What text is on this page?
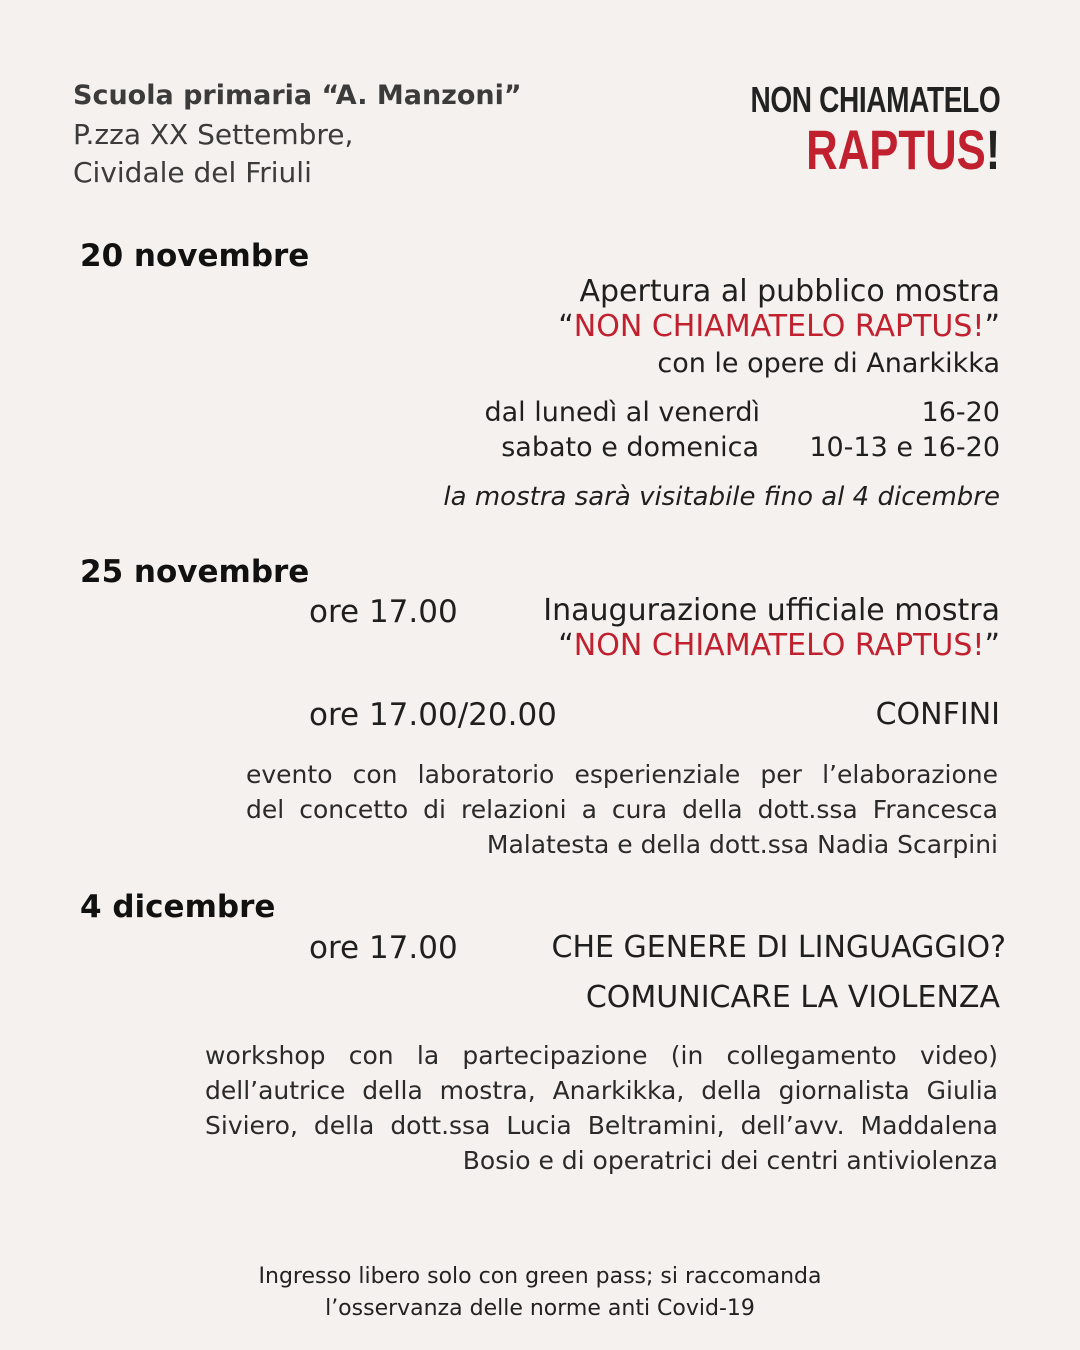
Scuola primaria “A. Manzoni”
P.zza XX Settembre,
Cividale del Friuli
NON CHIAMATELO
RAPTUS!
20 novembre
Apertura al pubblico mostra
“NON CHIAMATELO RAPTUS!”
con le opere di Anarkikka
dal lunedì al venerdì	16-20
sabato e domenica 10-13 e 16-20
la mostra sarà visitabile fino al 4 dicembre
25 novembre
ore 17.00	Inaugurazione ufficiale mostra
“NON CHIAMATELO RAPTUS!”
ore 17.00/20.00	CONFINI
evento con laboratorio esperienziale per l’elaborazione
del concetto di relazioni a cura della dott.ssa Francesca
Malatesta e della dott.ssa Nadia Scarpini
4 dicembre
ore 17.00	CHE GENERE DI LINGUAGGIO?
COMUNICARE LA VIOLENZA
workshop con la partecipazione (in collegamento video)
dell’autrice della mostra, Anarkikka, della giornalista Giulia
Siviero, della dott.ssa Lucia Beltramini, dell’avv. Maddalena
Bosio e di operatrici dei centri antiviolenza
Ingresso libero solo con green pass; si raccomanda
l’osservanza delle norme anti Covid-19
